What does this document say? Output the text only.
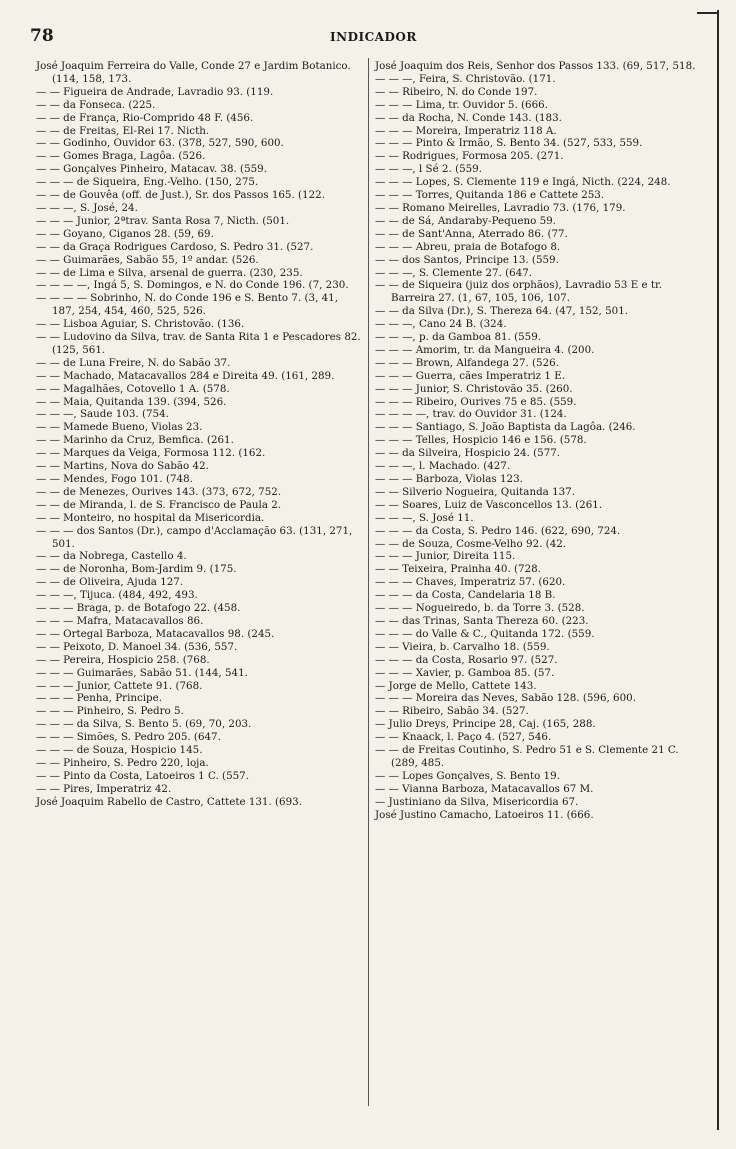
78	INDICADOR

José Joaquim Ferreira do Valle, Conde 27 e Jardim Botanico. (114, 158, 173.

— — Figueira de Andrade, Lavradio 93. (119.

— — da Fonseca. (225.

— — de França, Rio-Comprido 48 F. (456.

— — de Freitas, El-Rei 17. Nicth.

— — Godinho, Ouvidor 63. (378, 527, 590, 600.

— — Gomes Braga, Lagôa. (526.

— — Gonçalves Pinheiro, Matacav. 38. (559.

— — — de Siqueira, Eng.-Velho. (150, 275.

— — de Gouvêa (off. de Just.), Sr. dos Passos 165. (122.

— — —, S. José, 24.

— — — Junior, 2ªtrav. Santa Rosa 7, Nicth. (501.

— — Goyano, Ciganos 28. (59, 69.

— — da Graça Rodrigues Cardoso, S. Pedro 31. (527.

— — Guimarães, Sabão 55, 1º andar. (526.

— — de Lima e Silva, arsenal de guerra. (230, 235.

— — — —, Ingá 5, S. Domingos, e N. do Conde 196. (7, 230.

— — — — Sobrinho, N. do Conde 196 e S. Bento 7. (3, 41, 187, 254, 454, 460, 525, 526.

— — Lisboa Aguiar, S. Christovão. (136.

— — Ludovino da Silva, trav. de Santa Rita 1 e Pescadores 82. (125, 561.

— — de Luna Freire, N. do Sabão 37.

— — Machado, Matacavallos 284 e Direita 49. (161, 289.

— — Magalhães, Cotovello 1 A. (578.

— — Maia, Quitanda 139. (394, 526.

— — —, Saude 103. (754.

— — Mamede Bueno, Violas 23.

— — Marinho da Cruz, Bemfica. (261.

— — Marques da Veiga, Formosa 112. (162.

— — Martins, Nova do Sabão 42.

— — Mendes, Fogo 101. (748.

— — de Menezes, Ourives 143. (373, 672, 752.

— — de Miranda, l. de S. Francisco de Paula 2.

— — Monteiro, no hospital da Misericordia.

— — — dos Santos (Dr.), campo d'Acclamação 63. (131, 271, 501.

— — da Nobrega, Castello 4.

— — de Noronha, Bom-Jardim 9. (175.

— — de Oliveira, Ajuda 127.

— — —, Tijuca. (484, 492, 493.

— — — Braga, p. de Botafogo 22. (458.

— — — Mafra, Matacavallos 86.

— — Ortegal Barboza, Matacavallos 98. (245.

— — Peixoto, D. Manoel 34. (536, 557.

— — Pereira, Hospicio 258. (768.

— — — Guimarães, Sabão 51. (144, 541.

— — — Junior, Cattete 91. (768.

— — — Penha, Principe.

— — — Pinheiro, S. Pedro 5.

— — — da Silva, S. Bento 5. (69, 70, 203.

— — — Simões, S. Pedro 205. (647.

— — — de Souza, Hospicio 145.

— — Pinheiro, S. Pedro 220, loja.

— — Pinto da Costa, Latoeiros 1 C. (557.

— — Pires, Imperatriz 42.

José Joaquim Rabello de Castro, Cattete 131. (693.

José Joaquim dos Reis, Senhor dos Passos 133. (69, 517, 518.

— — —, Feira, S. Christovão. (171.

— — Ribeiro, N. do Conde 197.

— — — Lima, tr. Ouvidor 5. (666.

— — da Rocha, N. Conde 143. (183.

— — — Moreira, Imperatriz 118 A.

— — — Pinto & Irmão, S. Bento 34. (527, 533, 559.

— — Rodrigues, Formosa 205. (271.

— — —, l Sé 2. (559.

— — — Lopes, S. Clemente 119 e Ingá, Nicth. (224, 248.

— — — Torres, Quitanda 186 e Cattete 253.

— — Romano Meirelles, Lavradio 73. (176, 179.

— — de Sá, Andaraby-Pequeno 59.

— — de Sant'Anna, Aterrado 86. (77.

— — — Abreu, praia de Botafogo 8.

— — dos Santos, Principe 13. (559.

— — —, S. Clemente 27. (647.

— — de Siqueira (juiz dos orphãos), Lavradio 53 E e tr. Barreira 27. (1, 67, 105, 106, 107.

— — da Silva (Dr.), S. Thereza 64. (47, 152, 501.

— — —, Cano 24 B. (324.

— — —, p. da Gamboa 81. (559.

— — — Amorim, tr. da Mangueira 4. (200.

— — — Brown, Alfandega 27. (526.

— — — Guerra, cães Imperatriz 1 E.

— — — Junior, S. Christovão 35. (260.

— — — Ribeiro, Ourives 75 e 85. (559.

— — — —, trav. do Ouvidor 31. (124.

— — — Santiago, S. João Baptista da Lagôa. (246.

— — — Telles, Hospicio 146 e 156. (578.

— — da Silveira, Hospicio 24. (577.

— — —, l. Machado. (427.

— — — Barboza, Violas 123.

— — Silverio Nogueira, Quitanda 137.

— — Soares, Luiz de Vasconcellos 13. (261.

— — —, S. José 11.

— — — da Costa, S. Pedro 146. (622, 690, 724.

— — de Souza, Cosme-Velho 92. (42.

— — — Junior, Direita 115.

— — Teixeira, Prainha 40. (728.

— — — Chaves, Imperatriz 57. (620.

— — — da Costa, Candelaria 18 B.

— — — Nogueiredo, b. da Torre 3. (528.

— — das Trinas, Santa Thereza 60. (223.

— — — do Valle & C., Quitanda 172. (559.

— — Vieira, b. Carvalho 18. (559.

— — — da Costa, Rosario 97. (527.

— — — Xavier, p. Gamboa 85. (57.

— Jorge de Mello, Cattete 143.

— — — Moreira das Neves, Sabão 128. (596, 600.

— — Ribeiro, Sabão 34. (527.

— Julio Dreys, Principe 28, Caj. (165, 288.

— — Knaack, l. Paço 4. (527, 546.

— — de Freitas Coutinho, S. Pedro 51 e S. Clemente 21 C. (289, 485.

— — Lopes Gonçalves, S. Bento 19.

— — Vianna Barboza, Matacavallos 67 M.

— Justiniano da Silva, Misericordia 67.

José Justino Camacho, Latoeiros 11. (666.
